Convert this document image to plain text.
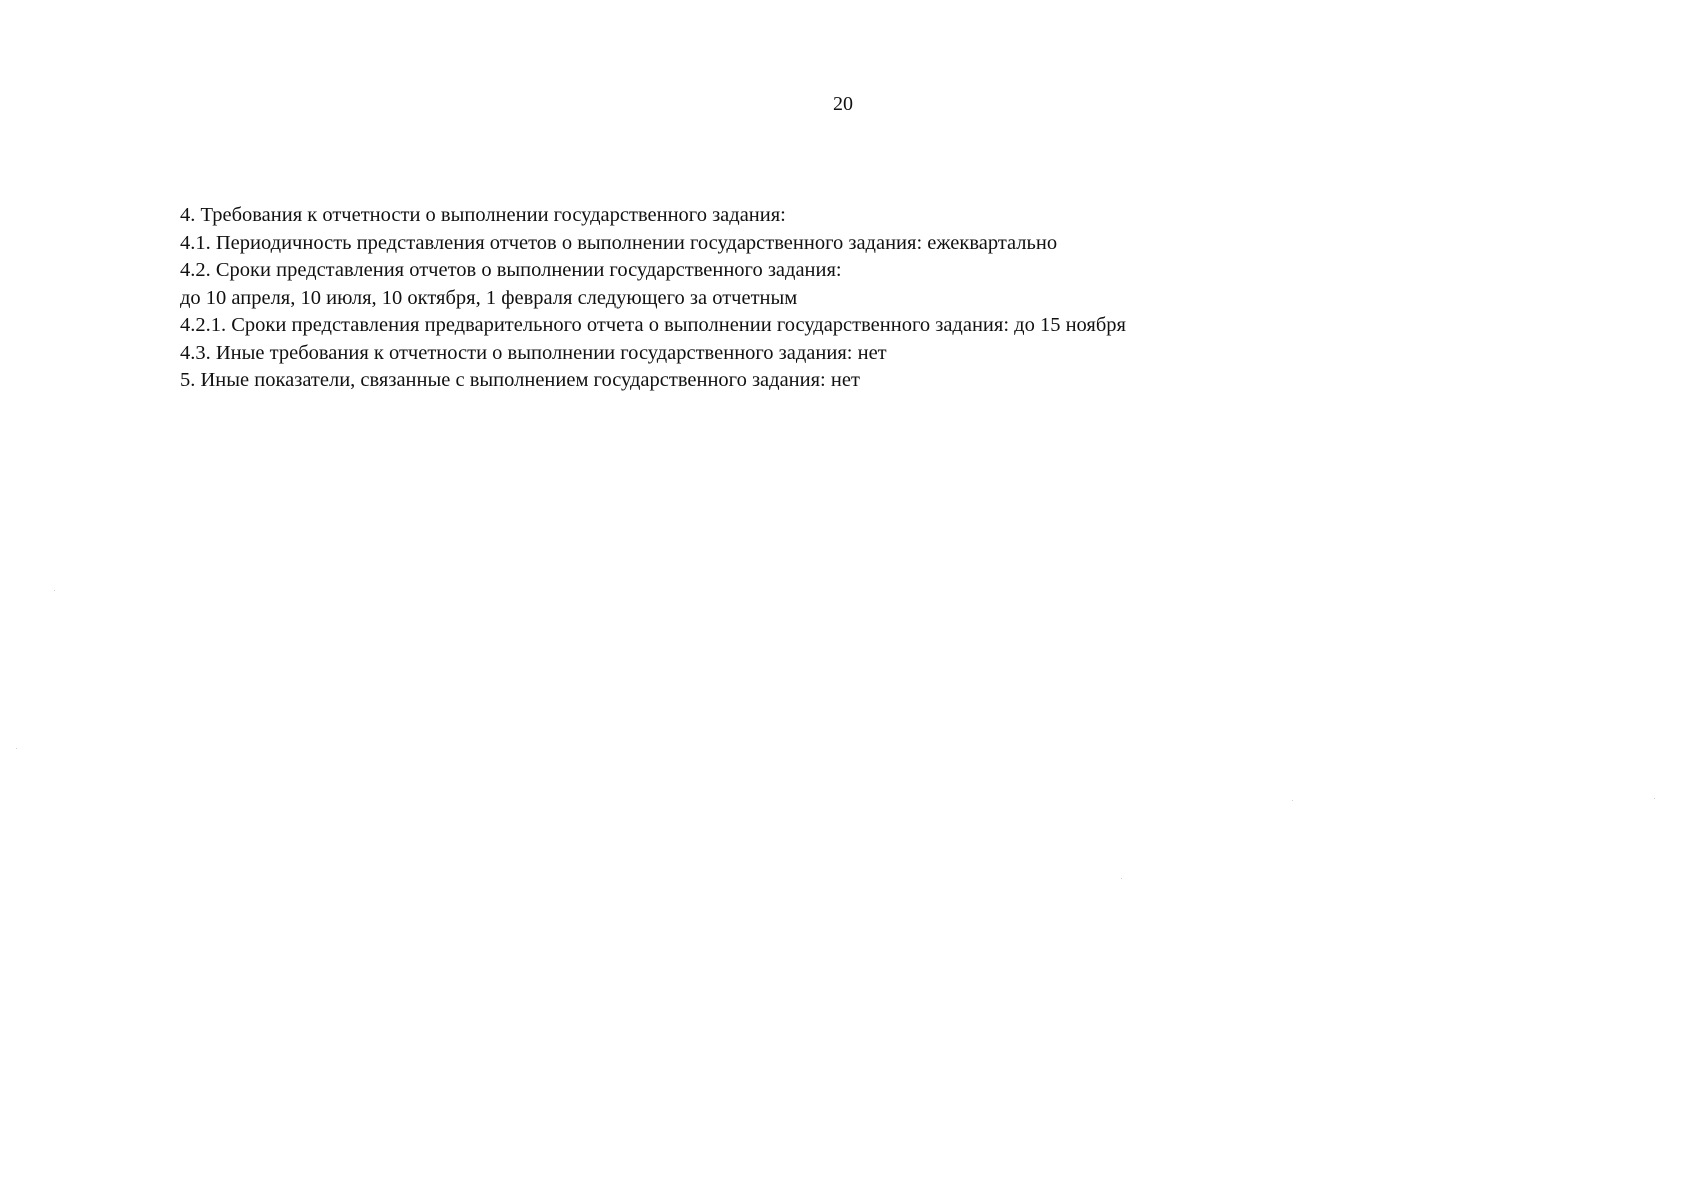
20

4. Требования к отчетности о выполнении государственного задания:

4.1. Периодичность представления отчетов о выполнении государственного задания: ежеквартально

4.2. Сроки представления отчетов о выполнении государственного задания:

до 10 апреля, 10 июля, 10 октября, 1 февраля следующего за отчетным

4.2.1. Сроки представления предварительного отчета о выполнении государственного задания: до 15 ноября

4.3. Иные требования к отчетности о выполнении государственного задания: нет

5. Иные показатели, связанные с выполнением государственного задания: нет
